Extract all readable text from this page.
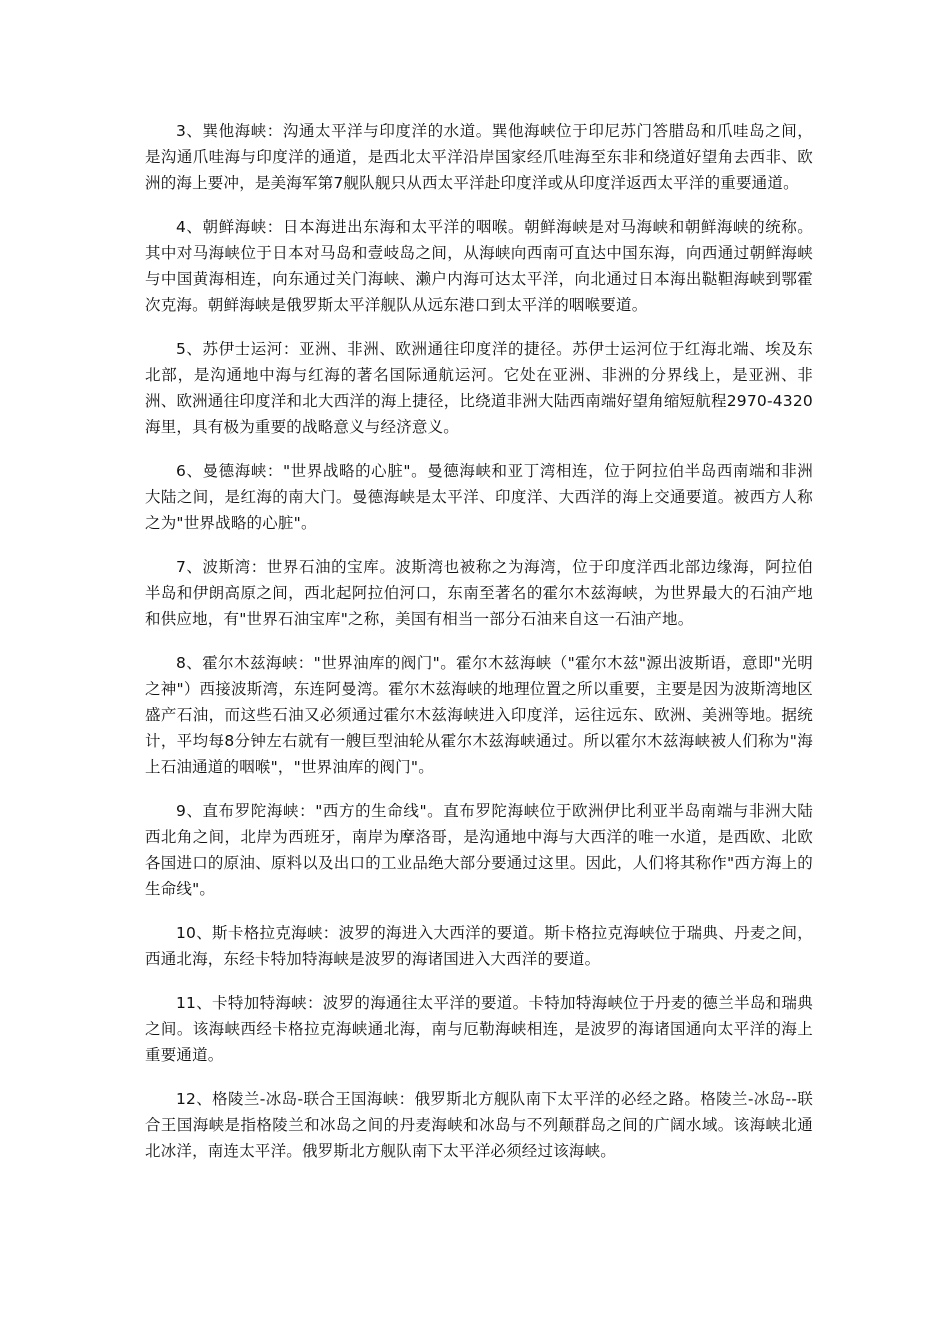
3、巽他海峡：沟通太平洋与印度洋的水道。巽他海峡位于印尼苏门答腊岛和爪哇岛之间，是沟通爪哇海与印度洋的通道，是西北太平洋沿岸国家经爪哇海至东非和绕道好望角去西非、欧洲的海上要冲，是美海军第7舰队舰只从西太平洋赴印度洋或从印度洋返西太平洋的重要通道。

4、朝鲜海峡：日本海进出东海和太平洋的咽喉。朝鲜海峡是对马海峡和朝鲜海峡的统称。其中对马海峡位于日本对马岛和壹岐岛之间，从海峡向西南可直达中国东海，向西通过朝鲜海峡与中国黄海相连，向东通过关门海峡、濑户内海可达太平洋，向北通过日本海出鞑靼海峡到鄂霍次克海。朝鲜海峡是俄罗斯太平洋舰队从远东港口到太平洋的咽喉要道。

5、苏伊士运河：亚洲、非洲、欧洲通往印度洋的捷径。苏伊士运河位于红海北端、埃及东北部，是沟通地中海与红海的著名国际通航运河。它处在亚洲、非洲的分界线上，是亚洲、非洲、欧洲通往印度洋和北大西洋的海上捷径，比绕道非洲大陆西南端好望角缩短航程2970-4320海里，具有极为重要的战略意义与经济意义。

6、曼德海峡："世界战略的心脏"。曼德海峡和亚丁湾相连，位于阿拉伯半岛西南端和非洲大陆之间，是红海的南大门。曼德海峡是太平洋、印度洋、大西洋的海上交通要道。被西方人称之为"世界战略的心脏"。

7、波斯湾：世界石油的宝库。波斯湾也被称之为海湾，位于印度洋西北部边缘海，阿拉伯半岛和伊朗高原之间，西北起阿拉伯河口，东南至著名的霍尔木兹海峡，为世界最大的石油产地和供应地，有"世界石油宝库"之称，美国有相当一部分石油来自这一石油产地。

8、霍尔木兹海峡："世界油库的阀门"。霍尔木兹海峡（"霍尔木兹"源出波斯语，意即"光明之神"）西接波斯湾，东连阿曼湾。霍尔木兹海峡的地理位置之所以重要，主要是因为波斯湾地区盛产石油，而这些石油又必须通过霍尔木兹海峡进入印度洋，运往远东、欧洲、美洲等地。据统计，平均每8分钟左右就有一艘巨型油轮从霍尔木兹海峡通过。所以霍尔木兹海峡被人们称为"海上石油通道的咽喉"，"世界油库的阀门"。

9、直布罗陀海峡："西方的生命线"。直布罗陀海峡位于欧洲伊比利亚半岛南端与非洲大陆西北角之间，北岸为西班牙，南岸为摩洛哥，是沟通地中海与大西洋的唯一水道，是西欧、北欧各国进口的原油、原料以及出口的工业品绝大部分要通过这里。因此，人们将其称作"西方海上的生命线"。

10、斯卡格拉克海峡：波罗的海进入大西洋的要道。斯卡格拉克海峡位于瑞典、丹麦之间，西通北海，东经卡特加特海峡是波罗的海诸国进入大西洋的要道。

11、卡特加特海峡：波罗的海通往太平洋的要道。卡特加特海峡位于丹麦的德兰半岛和瑞典之间。该海峡西经卡格拉克海峡通北海，南与厄勒海峡相连，是波罗的海诸国通向太平洋的海上重要通道。

12、格陵兰-冰岛-联合王国海峡：俄罗斯北方舰队南下太平洋的必经之路。格陵兰-冰岛--联合王国海峡是指格陵兰和冰岛之间的丹麦海峡和冰岛与不列颠群岛之间的广阔水域。该海峡北通北冰洋，南连太平洋。俄罗斯北方舰队南下太平洋必须经过该海峡。
